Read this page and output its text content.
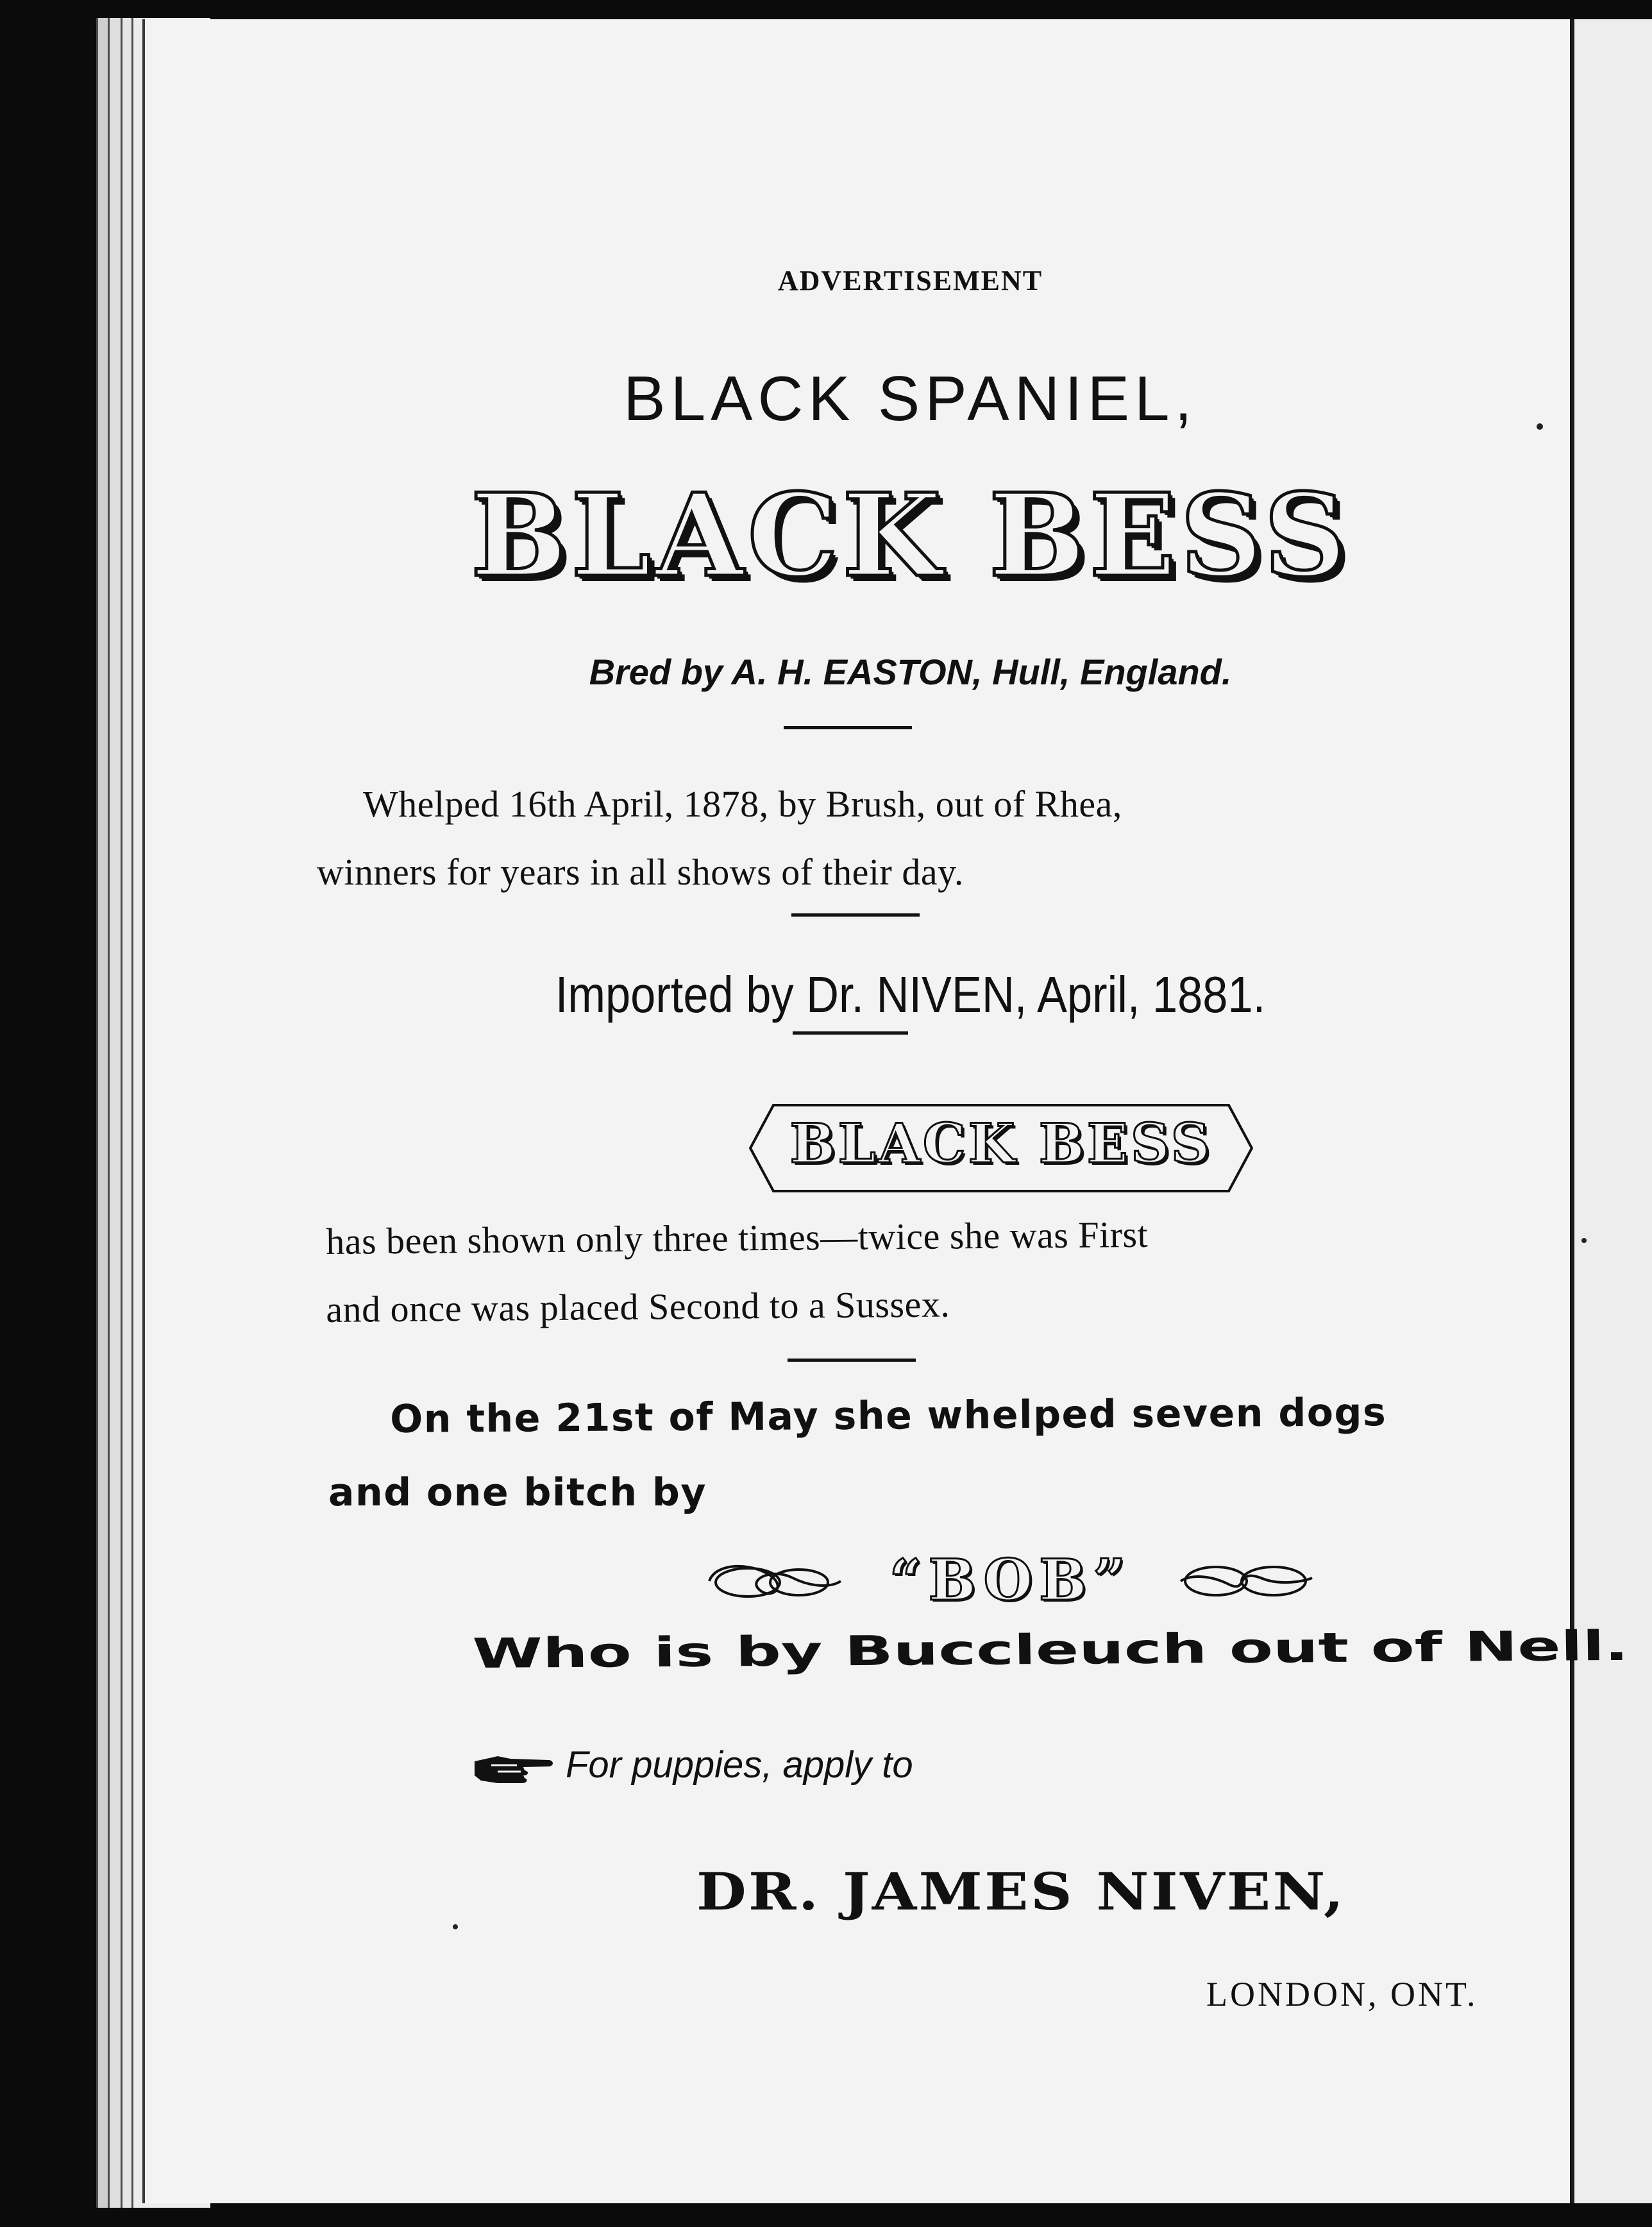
ADVERTISEMENT
BLACK SPANIEL,
BLACK BESS
Bred by A. H. EASTON, Hull, England.
Whelped 16th April, 1878, by Brush, out of Rhea,
winners for years in all shows of their day.
Imported by Dr. NIVEN, April, 1881.
BLACK BESS
has been shown only three times—twice she was First
and once was placed Second to a Sussex.
On the 21st of May she whelped seven dogs
and one bitch by
“BOB”
Who is by Buccleuch out of Nell.
For puppies, apply to
DR. JAMES NIVEN,
LONDON, ONT.
